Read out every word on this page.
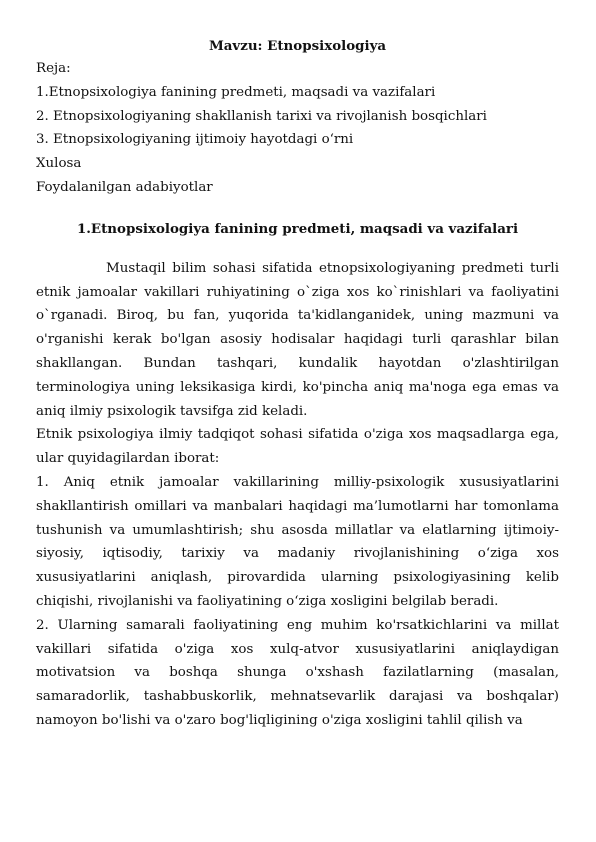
Mavzu: Etnopsixologiya
Reja:
1.Etnopsixologiya fanining predmeti, maqsadi va vazifalari
2. Etnopsixologiyaning shakllanish tarixi va rivojlanish bosqichlari
3. Etnopsixologiyaning ijtimoiy hayotdagi o‘rni
Xulosa
Foydalanilgan adabiyotlar
1.Etnopsixologiya fanining predmeti, maqsadi va vazifalari

Mustaqil bilim sohasi sifatida etnopsixologiyaning predmeti turli etnik jamoalar vakillari ruhiyatining o`ziga xos ko`rinishlari va faoliyatini o`rganadi. Biroq, bu fan, yuqorida ta'kidlanganidek, uning mazmuni va o'rganishi kerak bo'lgan asosiy hodisalar haqidagi turli qarashlar bilan shakllangan. Bundan tashqari, kundalik hayotdan o'zlashtirilgan terminologiya uning leksikasiga kirdi, ko'pincha aniq ma'noga ega emas va aniq ilmiy psixologik tavsifga zid keladi.

Etnik psixologiya ilmiy tadqiqot sohasi sifatida o'ziga xos maqsadlarga ega, ular quyidagilardan iborat:

1. Aniq etnik jamoalar vakillarining milliy-psixologik xususiyatlarini shakllantirish omillari va manbalari haqidagi ma’lumotlarni har tomonlama tushunish va umumlashtirish; shu asosda millatlar va elatlarning ijtimoiy-siyosiy, iqtisodiy, tarixiy va madaniy rivojlanishining o‘ziga xos xususiyatlarini aniqlash, pirovardida ularning psixologiyasining kelib chiqishi, rivojlanishi va faoliyatining o‘ziga xosligini belgilab beradi.

2. Ularning samarali faoliyatining eng muhim ko'rsatkichlarini va millat vakillari sifatida o'ziga xos xulq-atvor xususiyatlarini aniqlaydigan motivatsion va boshqa shunga o'xshash fazilatlarning (masalan, samaradorlik, tashabbuskorlik, mehnatsevarlik darajasi va boshqalar) namoyon bo'lishi va o'zaro bog'liqligining o'ziga xosligini tahlil qilish va
